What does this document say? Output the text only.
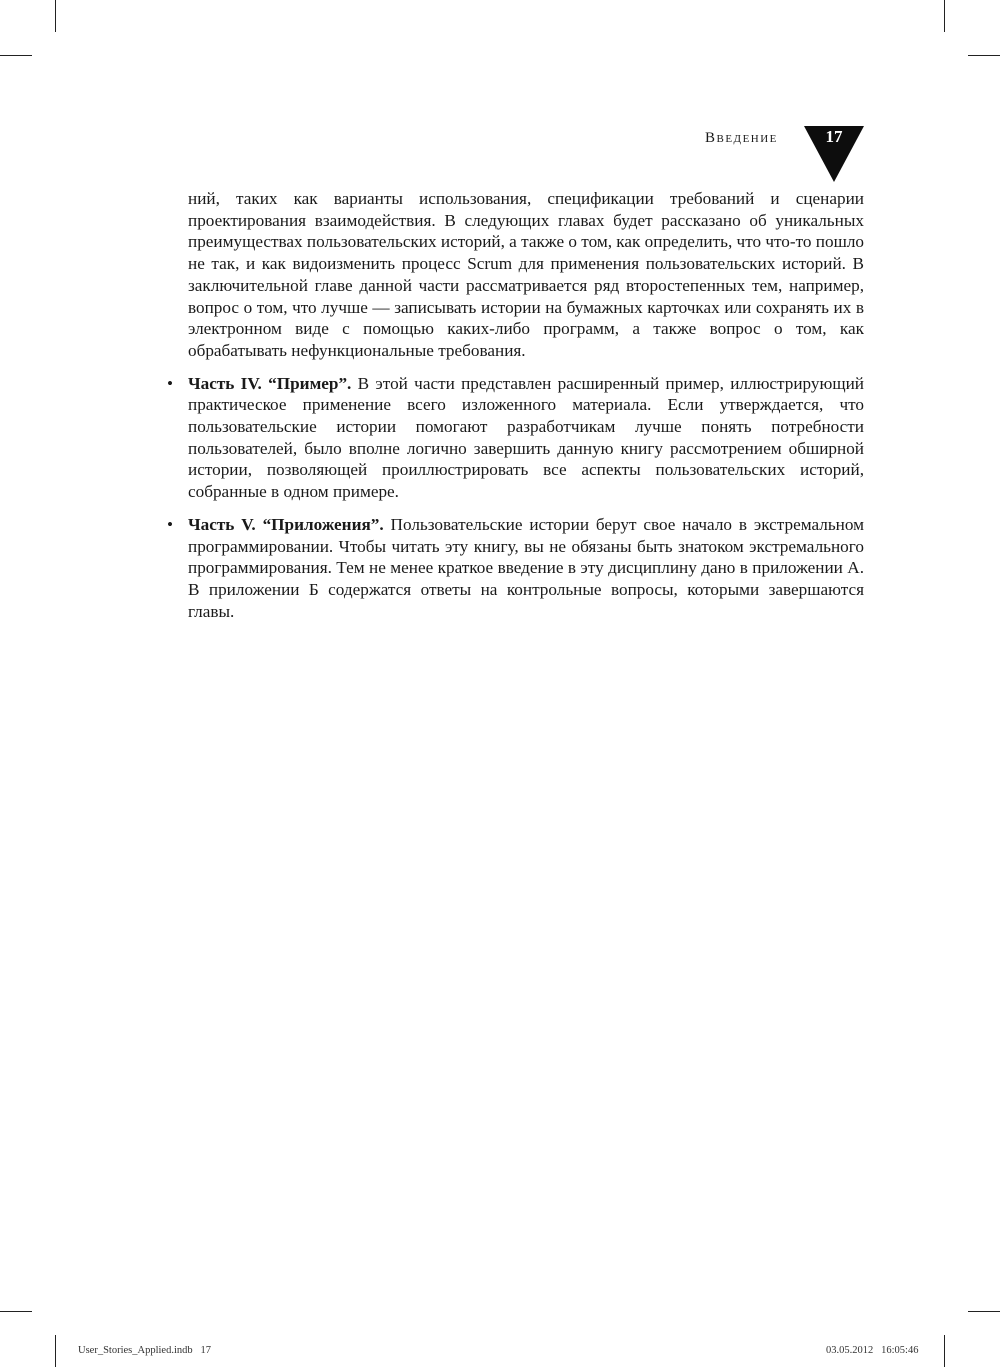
Введение	17

ний, таких как варианты использования, спецификации требований и сценарии проектирования взаимодействия. В следующих главах будет рассказано об уникальных преимуществах пользовательских историй, а также о том, как определить, что что-то пошло не так, и как видоизменить процесс Scrum для применения пользовательских историй. В заключительной главе данной части рассматривается ряд второстепенных тем, например, вопрос о том, что лучше — записывать истории на бумажных карточках или сохранять их в электронном виде с помощью каких-либо программ, а также вопрос о том, как обрабатывать нефункциональные требования.

• Часть IV. “Пример”. В этой части представлен расширенный пример, иллюстрирующий практическое применение всего изложенного материала. Если утверждается, что пользовательские истории помогают разработчикам лучше понять потребности пользователей, было вполне логично завершить данную книгу рассмотрением обширной истории, позволяющей проиллюстрировать все аспекты пользовательских историй, собранные в одном примере.
• Часть V. “Приложения”. Пользовательские истории берут свое начало в экстремальном программировании. Чтобы читать эту книгу, вы не обязаны быть знатоком экстремального программирования. Тем не менее краткое введение в эту дисциплину дано в приложении А. В приложении Б содержатся ответы на контрольные вопросы, которыми завершаются главы.
User_Stories_Applied.indb   17	03.05.2012   16:05:46
